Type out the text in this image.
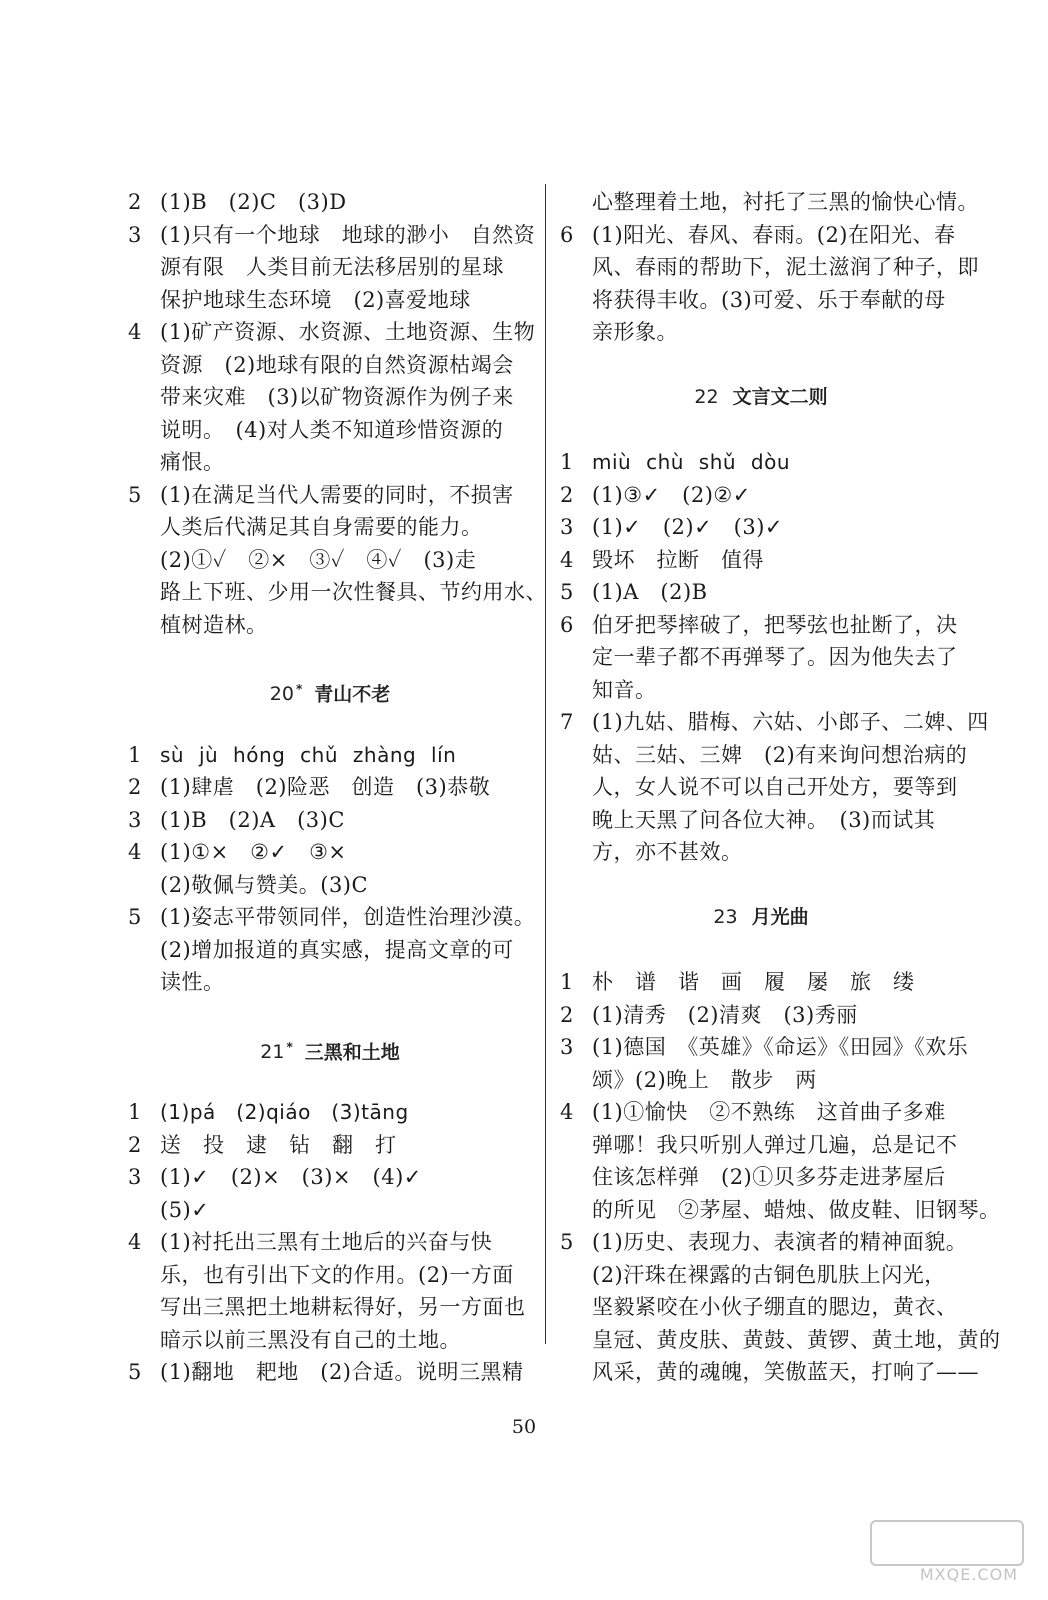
2 (1)B　(2)C　(3)D
3 (1)只有一个地球　地球的渺小　自然资
源有限　人类目前无法移居别的星球
保护地球生态环境　(2)喜爱地球
4 (1)矿产资源、水资源、土地资源、生物
资源　(2)地球有限的自然资源枯竭会
带来灾难　(3)以矿物资源作为例子来
说明。　(4)对人类不知道珍惜资源的
痛恨。
5 (1)在满足当代人需要的同时，不损害
人类后代满足其自身需要的能力。
(2)①✓　②×　③✓　④✓　(3)走
路上下班、少用一次性餐具、节约用水、
植树造林。
20 * 青山不老
1 sù jù hóng chǔ zhàng lín
2 (1)肆虐　(2)险恶　创造　(3)恭敬
3 (1)B　(2)A　(3)C
4 (1)①×　②✓　③×
(2)敬佩与赞美。(3)C
5 (1)姿志平带领同伴，创造性治理沙漠。
(2)增加报道的真实感，提高文章的可
读性。
21 * 三黑和土地
1 (1)pá　(2)qiáo　(3)tāng
2 送　投　逮　钻　翻　打
3 (1)✓　(2)×　(3)×　(4)✓
(5)✓
4 (1)衬托出三黑有土地后的兴奋与快
乐，也有引出下文的作用。(2)一方面
写出三黑把土地耕耘得好，另一方面也
暗示以前三黑没有自己的土地。
5 (1)翻地　耙地　(2)合适。说明三黑精
心整理着土地，衬托了三黑的愉快心情。
6 (1)阳光、春风、春雨。(2)在阳光、春
风、春雨的帮助下，泥土滋润了种子，即
将获得丰收。(3)可爱、乐于奉献的母
亲形象。
22 文言文二则
1 miù chù shǔ dòu
2 (1)③✓　(2)②✓
3 (1)✓　(2)✓　(3)✓
4 毁坏　拉断　值得
5 (1)A　(2)B
6 伯牙把琴摔破了，把琴弦也扯断了，决
定一辈子都不再弹琴了。因为他失去了
知音。
7 (1)九姑、腊梅、六姑、小郎子、二婢、四
姑、三姑、三婢　(2)有来询问想治病的
人，女人说不可以自己开处方，要等到
晚上天黑了问各位大神。　(3)而试其
方，亦不甚效。
23 月光曲
1 朴　谱　谐　画　履　屡　旅　缕
2 (1)清秀　(2)清爽　(3)秀丽
3 (1)德国　《英雄》《命运》《田园》《欢乐
颂》(2)晚上　散步　两
4 (1)①愉快　②不熟练　这首曲子多难
弹哪！我只听别人弹过几遍，总是记不
住该怎样弹　(2)①贝多芬走进茅屋后
的所见　②茅屋、蜡烛、做皮鞋、旧钢琴。
5 (1)历史、表现力、表演者的精神面貌。
(2)汗珠在裸露的古铜色肌肤上闪光，
坚毅紧咬在小伙子绷直的腮边，黄衣、
皇冠、黄皮肤、黄鼓、黄锣、黄土地，黄的
风采，黄的魂魄，笑傲蓝天，打响了——
50
MXQE.COM
